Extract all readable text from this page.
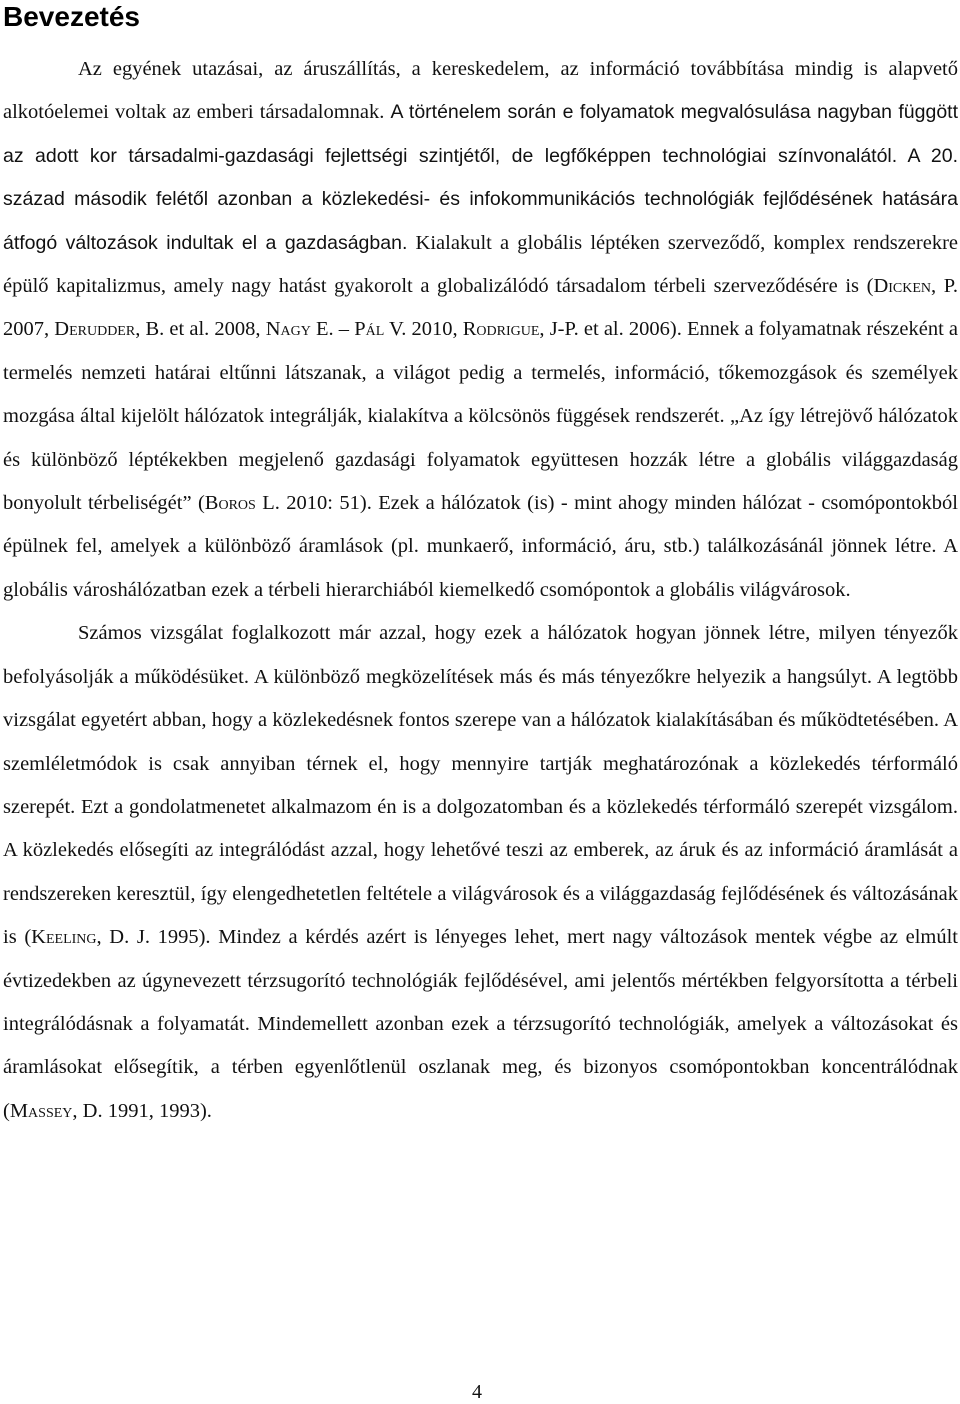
Bevezetés

Az egyének utazásai, az áruszállítás, a kereskedelem, az információ továbbítása mindig is alapvető alkotóelemei voltak az emberi társadalomnak. A történelem során e folyamatok megvalósulása nagyban függött az adott kor társadalmi-gazdasági fejlettségi szintjétől, de legfőképpen technológiai színvonalától. A 20. század második felétől azonban a közlekedési- és infokommunikációs technológiák fejlődésének hatására átfogó változások indultak el a gazdaságban. Kialakult a globális léptéken szerveződő, komplex rendszerekre épülő kapitalizmus, amely nagy hatást gyakorolt a globalizálódó társadalom térbeli szerveződésére is (Dicken, P. 2007, Derudder, B. et al. 2008, Nagy E. – Pál V. 2010, Rodrigue, J-P. et al. 2006). Ennek a folyamatnak részeként a termelés nemzeti határai eltűnni látszanak, a világot pedig a termelés, információ, tőkemozgások és személyek mozgása által kijelölt hálózatok integrálják, kialakítva a kölcsönös függések rendszerét. „Az így létrejövő hálózatok és különböző léptékekben megjelenő gazdasági folyamatok együttesen hozzák létre a globális világgazdaság bonyolult térbeliségét” (Boros L. 2010: 51). Ezek a hálózatok (is) - mint ahogy minden hálózat - csomópontokból épülnek fel, amelyek a különböző áramlások (pl. munkaerő, információ, áru, stb.) találkozásánál jönnek létre. A globális városhálózatban ezek a térbeli hierarchiából kiemelkedő csomópontok a globális világvárosok.

Számos vizsgálat foglalkozott már azzal, hogy ezek a hálózatok hogyan jönnek létre, milyen tényezők befolyásolják a működésüket. A különböző megközelítések más és más tényezőkre helyezik a hangsúlyt. A legtöbb vizsgálat egyetért abban, hogy a közlekedésnek fontos szerepe van a hálózatok kialakításában és működtetésében. A szemléletmódok is csak annyiban térnek el, hogy mennyire tartják meghatározónak a közlekedés térformáló szerepét. Ezt a gondolatmenetet alkalmazom én is a dolgozatomban és a közlekedés térformáló szerepét vizsgálom. A közlekedés elősegíti az integrálódást azzal, hogy lehetővé teszi az emberek, az áruk és az információ áramlását a rendszereken keresztül, így elengedhetetlen feltétele a világvárosok és a világgazdaság fejlődésének és változásának is (Keeling, D. J. 1995). Mindez a kérdés azért is lényeges lehet, mert nagy változások mentek végbe az elmúlt évtizedekben az úgynevezett térzsugorító technológiák fejlődésével, ami jelentős mértékben felgyorsította a térbeli integrálódásnak a folyamatát. Mindemellett azonban ezek a térzsugorító technológiák, amelyek a változásokat és áramlásokat elősegítik, a térben egyenlőtlenül oszlanak meg, és bizonyos csomópontokban koncentrálódnak (Massey, D. 1991, 1993).

4
